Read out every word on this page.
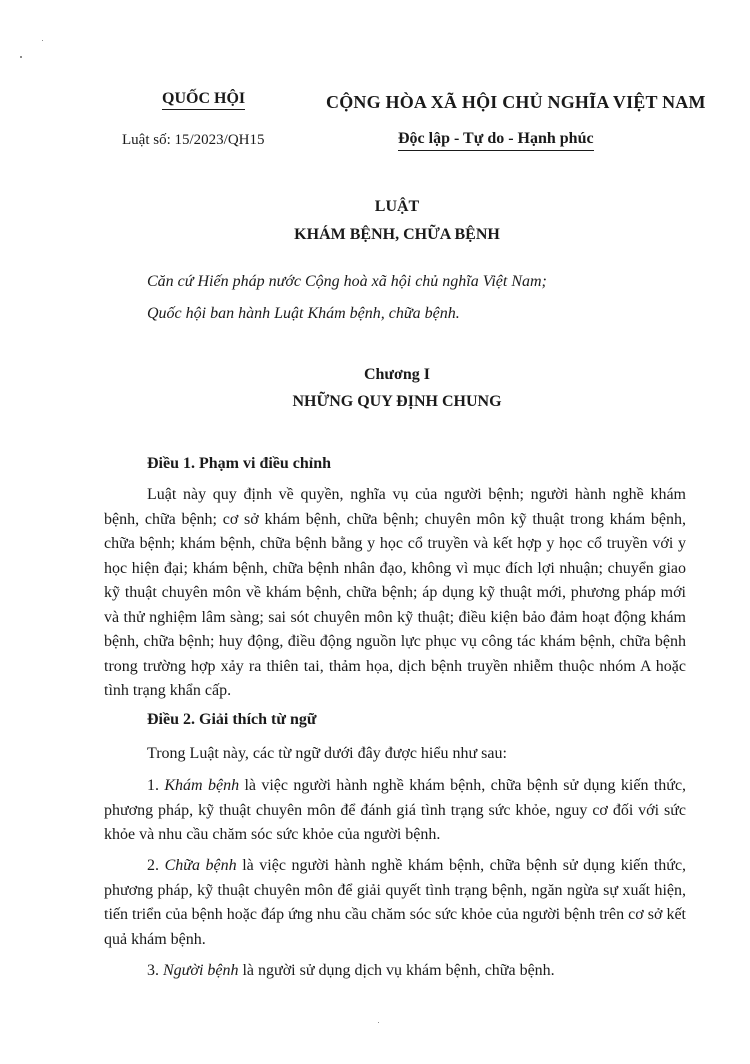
QUỐC HỘI
Luật số: 15/2023/QH15
CỘNG HÒA XÃ HỘI CHỦ NGHĨA VIỆT NAM
Độc lập - Tự do - Hạnh phúc
LUẬT
KHÁM BỆNH, CHỮA BỆNH
Căn cứ Hiến pháp nước Cộng hoà xã hội chủ nghĩa Việt Nam;
Quốc hội ban hành Luật Khám bệnh, chữa bệnh.
Chương I
NHỮNG QUY ĐỊNH CHUNG
Điều 1. Phạm vi điều chỉnh
Luật này quy định về quyền, nghĩa vụ của người bệnh; người hành nghề khám bệnh, chữa bệnh; cơ sở khám bệnh, chữa bệnh; chuyên môn kỹ thuật trong khám bệnh, chữa bệnh; khám bệnh, chữa bệnh bằng y học cổ truyền và kết hợp y học cổ truyền với y học hiện đại; khám bệnh, chữa bệnh nhân đạo, không vì mục đích lợi nhuận; chuyển giao kỹ thuật chuyên môn về khám bệnh, chữa bệnh; áp dụng kỹ thuật mới, phương pháp mới và thử nghiệm lâm sàng; sai sót chuyên môn kỹ thuật; điều kiện bảo đảm hoạt động khám bệnh, chữa bệnh; huy động, điều động nguồn lực phục vụ công tác khám bệnh, chữa bệnh trong trường hợp xảy ra thiên tai, thảm họa, dịch bệnh truyền nhiễm thuộc nhóm A hoặc tình trạng khẩn cấp.
Điều 2. Giải thích từ ngữ
Trong Luật này, các từ ngữ dưới đây được hiểu như sau:
1. Khám bệnh là việc người hành nghề khám bệnh, chữa bệnh sử dụng kiến thức, phương pháp, kỹ thuật chuyên môn để đánh giá tình trạng sức khỏe, nguy cơ đối với sức khỏe và nhu cầu chăm sóc sức khỏe của người bệnh.
2. Chữa bệnh là việc người hành nghề khám bệnh, chữa bệnh sử dụng kiến thức, phương pháp, kỹ thuật chuyên môn để giải quyết tình trạng bệnh, ngăn ngừa sự xuất hiện, tiến triển của bệnh hoặc đáp ứng nhu cầu chăm sóc sức khỏe của người bệnh trên cơ sở kết quả khám bệnh.
3. Người bệnh là người sử dụng dịch vụ khám bệnh, chữa bệnh.
